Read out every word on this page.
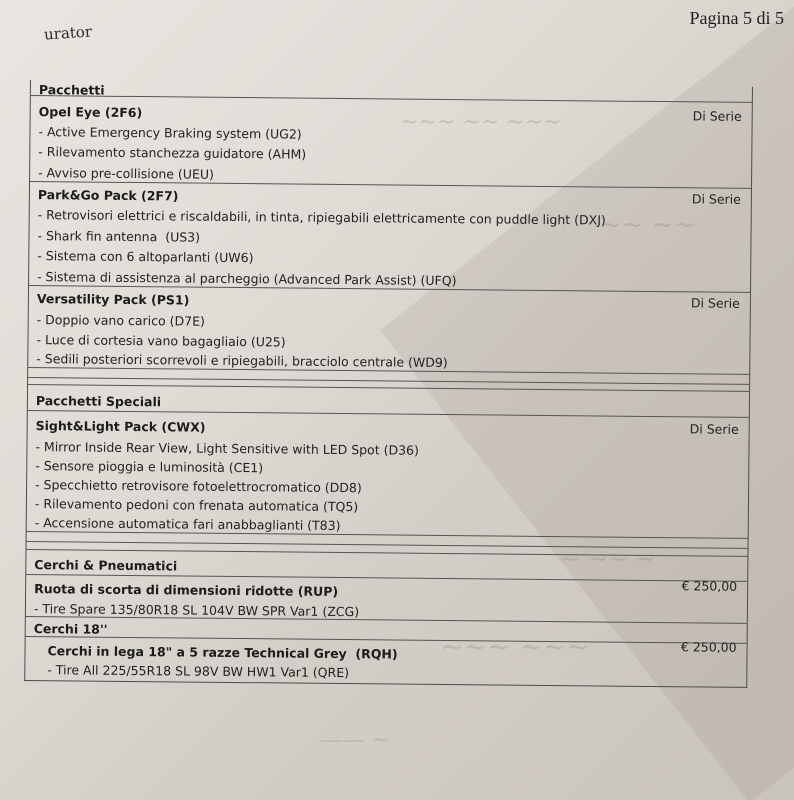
~~~ ~~ ~~~
~~ ~~
~ ~~ ~
~~~ ~~~
—— ~
urator
Pagina 5 di 5
Pacchetti
Opel Eye (2F6)	Di Serie
- Active Emergency Braking system (UG2)
- Rilevamento stanchezza guidatore (AHM)
- Avviso pre-collisione (UEU)
Park&Go Pack (2F7)	Di Serie
- Retrovisori elettrici e riscaldabili, in tinta, ripiegabili elettricamente con puddle light (DXJ)
- Shark fin antenna  (US3)
- Sistema con 6 altoparlanti (UW6)
- Sistema di assistenza al parcheggio (Advanced Park Assist) (UFQ)
Versatility Pack (PS1)	Di Serie
- Doppio vano carico (D7E)
- Luce di cortesia vano bagagliaio (U25)
- Sedili posteriori scorrevoli e ripiegabili, bracciolo centrale (WD9)
Pacchetti Speciali
Sight&Light Pack (CWX)	Di Serie
- Mirror Inside Rear View, Light Sensitive with LED Spot (D36)
- Sensore pioggia e luminosità (CE1)
- Specchietto retrovisore fotoelettrocromatico (DD8)
- Rilevamento pedoni con frenata automatica (TQ5)
- Accensione automatica fari anabbaglianti (T83)
Cerchi & Pneumatici
Ruota di scorta di dimensioni ridotte (RUP)	€ 250,00
- Tire Spare 135/80R18 SL 104V BW SPR Var1 (ZCG)
Cerchi 18''
Cerchi in lega 18" a 5 razze Technical Grey  (RQH)	€ 250,00
- Tire All 225/55R18 SL 98V BW HW1 Var1 (QRE)
